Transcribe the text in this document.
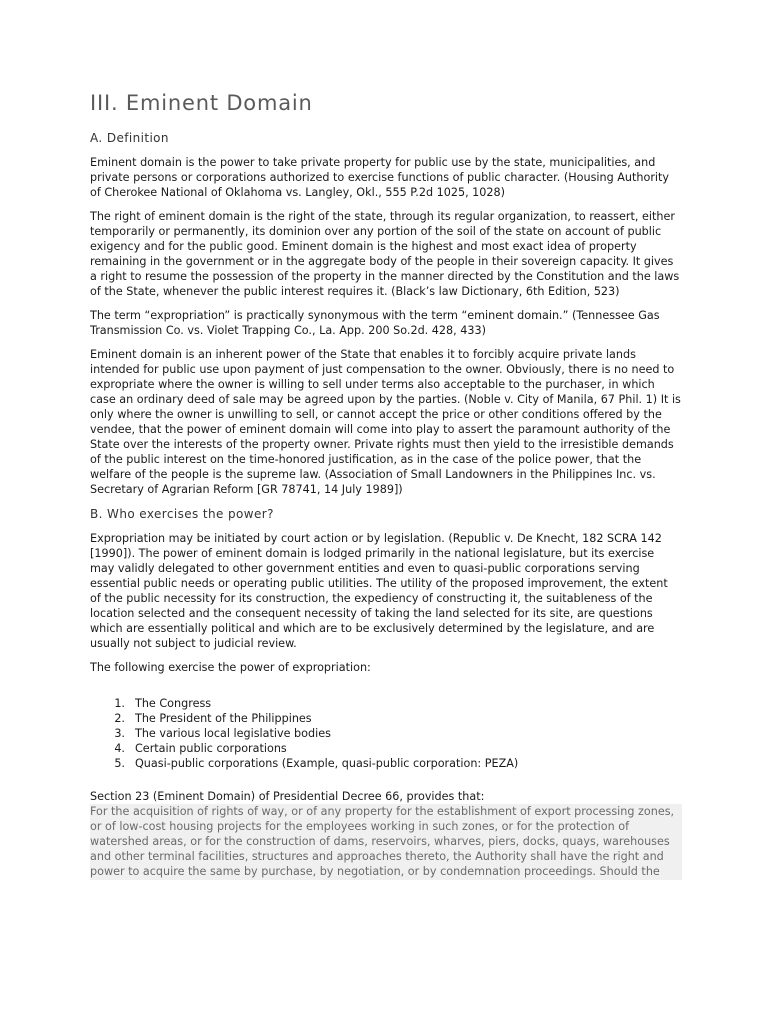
III. Eminent Domain
A. Definition

Eminent domain is the power to take private property for public use by the state, municipalities, and private persons or corporations authorized to exercise functions of public character. (Housing Authority of Cherokee National of Oklahoma vs. Langley, Okl., 555 P.2d 1025, 1028)

The right of eminent domain is the right of the state, through its regular organization, to reassert, either temporarily or permanently, its dominion over any portion of the soil of the state on account of public exigency and for the public good. Eminent domain is the highest and most exact idea of property remaining in the government or in the aggregate body of the people in their sovereign capacity. It gives a right to resume the possession of the property in the manner directed by the Constitution and the laws of the State, whenever the public interest requires it. (Black’s law Dictionary, 6th Edition, 523)

The term “expropriation” is practically synonymous with the term “eminent domain.” (Tennessee Gas Transmission Co. vs. Violet Trapping Co., La. App. 200 So.2d. 428, 433)

Eminent domain is an inherent power of the State that enables it to forcibly acquire private lands intended for public use upon payment of just compensation to the owner. Obviously, there is no need to expropriate where the owner is willing to sell under terms also acceptable to the purchaser, in which case an ordinary deed of sale may be agreed upon by the parties. (Noble v. City of Manila, 67 Phil. 1) It is only where the owner is unwilling to sell, or cannot accept the price or other conditions offered by the vendee, that the power of eminent domain will come into play to assert the paramount authority of the State over the interests of the property owner. Private rights must then yield to the irresistible demands of the public interest on the time-honored justification, as in the case of the police power, that the welfare of the people is the supreme law. (Association of Small Landowners in the Philippines Inc. vs. Secretary of Agrarian Reform [GR 78741, 14 July 1989])

B. Who exercises the power?

Expropriation may be initiated by court action or by legislation. (Republic v. De Knecht, 182 SCRA 142 [1990]). The power of eminent domain is lodged primarily in the national legislature, but its exercise may validly delegated to other government entities and even to quasi-public corporations serving essential public needs or operating public utilities. The utility of the proposed improvement, the extent of the public necessity for its construction, the expediency of constructing it, the suitableness of the location selected and the consequent necessity of taking the land selected for its site, are questions which are essentially political and which are to be exclusively determined by the legislature, and are usually not subject to judicial review.

The following exercise the power of expropriation:

1. The Congress
2. The President of the Philippines
3. The various local legislative bodies
4. Certain public corporations
5. Quasi-public corporations (Example, quasi-public corporation: PEZA)

Section 23 (Eminent Domain) of Presidential Decree 66, provides that:

For the acquisition of rights of way, or of any property for the establishment of export processing zones, or of low-cost housing projects for the employees working in such zones, or for the protection of watershed areas, or for the construction of dams, reservoirs, wharves, piers, docks, quays, warehouses and other terminal facilities, structures and approaches thereto, the Authority shall have the right and power to acquire the same by purchase, by negotiation, or by condemnation proceedings. Should the
